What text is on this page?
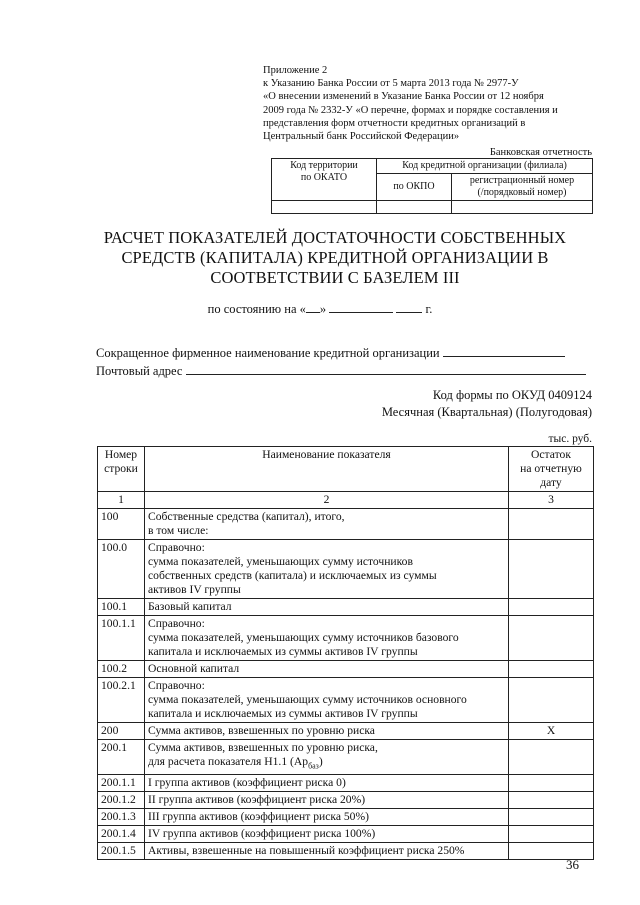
Приложение 2
к Указанию Банка России от 5 марта 2013 года № 2977-У
«О внесении изменений в Указание Банка России от 12 ноября
2009 года № 2332-У «О перечне, формах и порядке составления и
представления форм отчетности кредитных организаций в
Центральный банк Российской Федерации»
Банковская отчетность
Код территории
по ОКАТО	Код кредитной организации (филиала)	
	по ОКПО	регистрационный номер
(/порядковый номер)

РАСЧЕТ ПОКАЗАТЕЛЕЙ ДОСТАТОЧНОСТИ СОБСТВЕННЫХ
СРЕДСТВ (КАПИТАЛА) КРЕДИТНОЙ ОРГАНИЗАЦИИ В
СООТВЕТСТВИИ С БАЗЕЛЕМ III
по состоянию на « »	г.
Сокращенное фирменное наименование кредитной организации
Почтовый адрес
Код формы по ОКУД 0409124
Месячная (Квартальная) (Полугодовая)
тыс. руб.
Номер
строки	Наименование показателя	Остаток
на отчетную
дату
1	2	3
100	Собственные средства (капитал), итого,
в том числе:	
100.0	Справочно:
сумма показателей, уменьшающих сумму источников
собственных средств (капитала) и исключаемых из суммы
активов IV группы	
100.1	Базовый капитал	
100.1.1	Справочно:
сумма показателей, уменьшающих сумму источников базового
капитала и исключаемых из суммы активов IV группы	
100.2	Основной капитал	
100.2.1	Справочно:
сумма показателей, уменьшающих сумму источников основного
капитала и исключаемых из суммы активов IV группы	
200	Сумма активов, взвешенных по уровню риска	X
200.1	Сумма активов, взвешенных по уровню риска,
для расчета показателя Н1.1 $(Ар_{баз})$	
200.1.1	I группа активов (коэффициент риска 0)	
200.1.2	II группа активов (коэффициент риска 20%)	
200.1.3	III группа активов (коэффициент риска 50%)	
200.1.4	IV группа активов (коэффициент риска 100%)	
200.1.5	Активы, взвешенные на повышенный коэффициент риска 250%	
36
